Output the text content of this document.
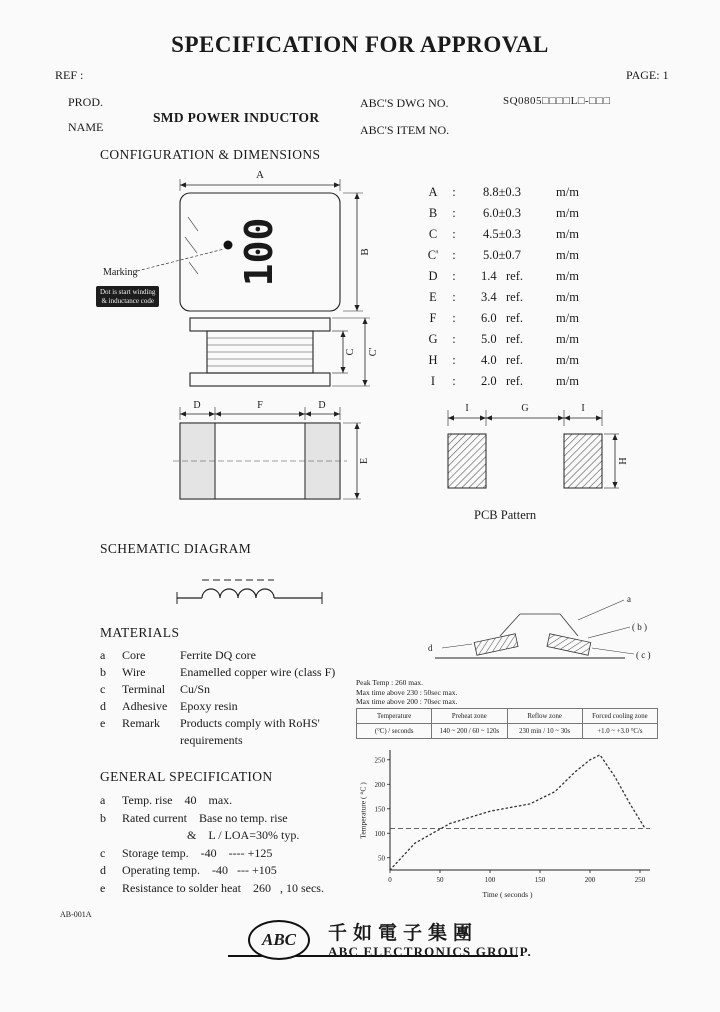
SPECIFICATION FOR APPROVAL
REF :	PAGE: 1
PROD.
NAME
SMD POWER INDUCTOR
ABC'S DWG NO.	SQ0805□□□□L□-□□□
ABC'S ITEM NO.
CONFIGURATION & DIMENSIONS
A
100
Marking
B
C C'
D	F	D
E
Dot is start winding
& inductance code
A	:	8.8±0.3	m/m
B	:	6.0±0.3	m/m
C	:	4.5±0.3	m/m
C'	:	5.0±0.7	m/m
D	:	1.4   ref.	m/m
E	:	3.4   ref.	m/m
F	:	6.0   ref.	m/m
G	:	5.0   ref.	m/m
H	:	4.0   ref.	m/m
I	:	2.0   ref.	m/m
I	G	I
H
PCB Pattern
SCHEMATIC DIAGRAM
MATERIALS
a	Core	Ferrite DQ core
b	Wire	Enamelled copper wire (class F)
c	Terminal	Cu/Sn
d	Adhesive	Epoxy resin
e	Remark	Products comply with RoHS'
requirements
a
( b )
( c )
d
Peak Temp : 260 max.
Max time above 230 : 50sec max.
Max time above 200 : 70sec max.
Temperature	Preheat zone	Reflow zone	Forced cooling zone
(°C) / seconds	140 ~ 200 / 60 ~ 120s	230 min / 10 ~ 30s	+1.0 ~ +3.0 °C/s
50
100
150
200
250
0	50	100	150	200	250
Time ( seconds )
Temperature ( °C )
GENERAL SPECIFICATION
a	Temp. rise    40    max.
b	Rated current    Base no temp. rise
&    L / LOA=30% typ.
c	Storage temp.    -40    ---- +125
d	Operating temp.    -40   --- +105
e	Resistance to solder heat    260   , 10 secs.
AB-001A
ABC 千如電子集團
ABC ELECTRONICS GROUP.
